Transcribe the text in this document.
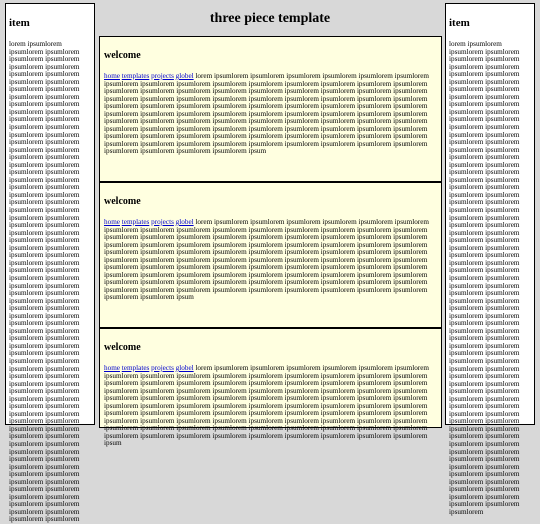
item

lorem ipsumlorem ipsumlorem ipsumlorem ipsumlorem ipsumlorem ipsumlorem ipsumlorem ipsumlorem ipsumlorem ipsumlorem ipsumlorem ipsumlorem ipsumlorem ipsumlorem ipsumlorem ipsumlorem ipsumlorem ipsumlorem ipsumlorem ipsumlorem ipsumlorem ipsumlorem ipsumlorem ipsumlorem ipsumlorem ipsumlorem ipsumlorem ipsumlorem ipsumlorem ipsumlorem ipsumlorem ipsumlorem ipsumlorem ipsumlorem ipsumlorem ipsumlorem ipsumlorem ipsumlorem ipsumlorem ipsumlorem ipsumlorem ipsumlorem ipsumlorem ipsumlorem ipsumlorem ipsumlorem ipsumlorem ipsumlorem ipsumlorem ipsumlorem ipsumlorem ipsumlorem ipsumlorem ipsumlorem ipsumlorem ipsumlorem ipsumlorem ipsumlorem ipsumlorem ipsumlorem ipsumlorem ipsumlorem ipsumlorem ipsumlorem ipsumlorem ipsumlorem ipsumlorem ipsumlorem ipsumlorem ipsumlorem ipsumlorem ipsumlorem ipsumlorem ipsumlorem ipsumlorem ipsumlorem ipsumlorem ipsumlorem ipsumlorem ipsumlorem ipsumlorem ipsumlorem ipsumlorem ipsumlorem ipsumlorem ipsumlorem ipsumlorem ipsumlorem ipsumlorem ipsumlorem ipsumlorem ipsumlorem ipsumlorem ipsumlorem ipsumlorem ipsumlorem ipsumlorem ipsumlorem ipsumlorem ipsumlorem ipsumlorem ipsumlorem ipsumlorem ipsumlorem ipsumlorem ipsumlorem ipsumlorem ipsumlorem ipsumlorem ipsumlorem ipsumlorem ipsumlorem ipsumlorem ipsumlorem ipsumlorem ipsumlorem ipsumlorem ipsumlorem ipsumlorem ipsumlorem ipsumlorem ipsumlorem ipsumlorem ipsumlorem ipsumlorem ipsumlorem ipsumlorem

three piece template
welcome

home templates projects globel lorem ipsumlorem ipsumlorem ipsumlorem ipsumlorem ipsumlorem ipsumlorem ipsumlorem ipsumlorem ipsumlorem ipsumlorem ipsumlorem ipsumlorem ipsumlorem ipsumlorem ipsumlorem ipsumlorem ipsumlorem ipsumlorem ipsumlorem ipsumlorem ipsumlorem ipsumlorem ipsumlorem ipsumlorem ipsumlorem ipsumlorem ipsumlorem ipsumlorem ipsumlorem ipsumlorem ipsumlorem ipsumlorem ipsumlorem ipsumlorem ipsumlorem ipsumlorem ipsumlorem ipsumlorem ipsumlorem ipsumlorem ipsumlorem ipsumlorem ipsumlorem ipsumlorem ipsumlorem ipsumlorem ipsumlorem ipsumlorem ipsumlorem ipsumlorem ipsumlorem ipsumlorem ipsumlorem ipsumlorem ipsumlorem ipsumlorem ipsumlorem ipsumlorem ipsumlorem ipsumlorem ipsumlorem ipsumlorem ipsumlorem ipsumlorem ipsumlorem ipsumlorem ipsumlorem ipsumlorem ipsumlorem ipsumlorem ipsumlorem ipsumlorem ipsumlorem ipsumlorem ipsumlorem ipsumlorem ipsumlorem ipsumlorem ipsumlorem ipsumlorem ipsumlorem ipsumlorem ipsumlorem ipsumlorem ipsumlorem ipsumlorem ipsumlorem ipsumlorem ipsumlorem ipsumlorem ipsumlorem ipsum

welcome

home templates projects globel lorem ipsumlorem ipsumlorem ipsumlorem ipsumlorem ipsumlorem ipsumlorem ipsumlorem ipsumlorem ipsumlorem ipsumlorem ipsumlorem ipsumlorem ipsumlorem ipsumlorem ipsumlorem ipsumlorem ipsumlorem ipsumlorem ipsumlorem ipsumlorem ipsumlorem ipsumlorem ipsumlorem ipsumlorem ipsumlorem ipsumlorem ipsumlorem ipsumlorem ipsumlorem ipsumlorem ipsumlorem ipsumlorem ipsumlorem ipsumlorem ipsumlorem ipsumlorem ipsumlorem ipsumlorem ipsumlorem ipsumlorem ipsumlorem ipsumlorem ipsumlorem ipsumlorem ipsumlorem ipsumlorem ipsumlorem ipsumlorem ipsumlorem ipsumlorem ipsumlorem ipsumlorem ipsumlorem ipsumlorem ipsumlorem ipsumlorem ipsumlorem ipsumlorem ipsumlorem ipsumlorem ipsumlorem ipsumlorem ipsumlorem ipsumlorem ipsumlorem ipsumlorem ipsumlorem ipsumlorem ipsumlorem ipsumlorem ipsumlorem ipsumlorem ipsumlorem ipsumlorem ipsumlorem ipsumlorem ipsumlorem ipsumlorem ipsumlorem ipsumlorem ipsumlorem ipsumlorem ipsumlorem ipsumlorem ipsumlorem ipsumlorem ipsumlorem ipsumlorem ipsumlorem ipsum

welcome

home templates projects globel lorem ipsumlorem ipsumlorem ipsumlorem ipsumlorem ipsumlorem ipsumlorem ipsumlorem ipsumlorem ipsumlorem ipsumlorem ipsumlorem ipsumlorem ipsumlorem ipsumlorem ipsumlorem ipsumlorem ipsumlorem ipsumlorem ipsumlorem ipsumlorem ipsumlorem ipsumlorem ipsumlorem ipsumlorem ipsumlorem ipsumlorem ipsumlorem ipsumlorem ipsumlorem ipsumlorem ipsumlorem ipsumlorem ipsumlorem ipsumlorem ipsumlorem ipsumlorem ipsumlorem ipsumlorem ipsumlorem ipsumlorem ipsumlorem ipsumlorem ipsumlorem ipsumlorem ipsumlorem ipsumlorem ipsumlorem ipsumlorem ipsumlorem ipsumlorem ipsumlorem ipsumlorem ipsumlorem ipsumlorem ipsumlorem ipsumlorem ipsumlorem ipsumlorem ipsumlorem ipsumlorem ipsumlorem ipsumlorem ipsumlorem ipsumlorem ipsumlorem ipsumlorem ipsumlorem ipsumlorem ipsumlorem ipsumlorem ipsumlorem ipsumlorem ipsumlorem ipsumlorem ipsumlorem ipsumlorem ipsumlorem ipsumlorem ipsumlorem ipsumlorem ipsumlorem ipsumlorem ipsumlorem ipsumlorem ipsumlorem ipsumlorem ipsumlorem ipsum

item

lorem ipsumlorem ipsumlorem ipsumlorem ipsumlorem ipsumlorem ipsumlorem ipsumlorem ipsumlorem ipsumlorem ipsumlorem ipsumlorem ipsumlorem ipsumlorem ipsumlorem ipsumlorem ipsumlorem ipsumlorem ipsumlorem ipsumlorem ipsumlorem ipsumlorem ipsumlorem ipsumlorem ipsumlorem ipsumlorem ipsumlorem ipsumlorem ipsumlorem ipsumlorem ipsumlorem ipsumlorem ipsumlorem ipsumlorem ipsumlorem ipsumlorem ipsumlorem ipsumlorem ipsumlorem ipsumlorem ipsumlorem ipsumlorem ipsumlorem ipsumlorem ipsumlorem ipsumlorem ipsumlorem ipsumlorem ipsumlorem ipsumlorem ipsumlorem ipsumlorem ipsumlorem ipsumlorem ipsumlorem ipsumlorem ipsumlorem ipsumlorem ipsumlorem ipsumlorem ipsumlorem ipsumlorem ipsumlorem ipsumlorem ipsumlorem ipsumlorem ipsumlorem ipsumlorem ipsumlorem ipsumlorem ipsumlorem ipsumlorem ipsumlorem ipsumlorem ipsumlorem ipsumlorem ipsumlorem ipsumlorem ipsumlorem ipsumlorem ipsumlorem ipsumlorem ipsumlorem ipsumlorem ipsumlorem ipsumlorem ipsumlorem ipsumlorem ipsumlorem ipsumlorem ipsumlorem ipsumlorem ipsumlorem ipsumlorem ipsumlorem ipsumlorem ipsumlorem ipsumlorem ipsumlorem ipsumlorem ipsumlorem ipsumlorem ipsumlorem ipsumlorem ipsumlorem ipsumlorem ipsumlorem ipsumlorem ipsumlorem ipsumlorem ipsumlorem ipsumlorem ipsumlorem ipsumlorem ipsumlorem ipsumlorem ipsumlorem ipsumlorem ipsumlorem ipsumlorem ipsumlorem ipsumlorem ipsumlorem ipsumlorem ipsumlorem
